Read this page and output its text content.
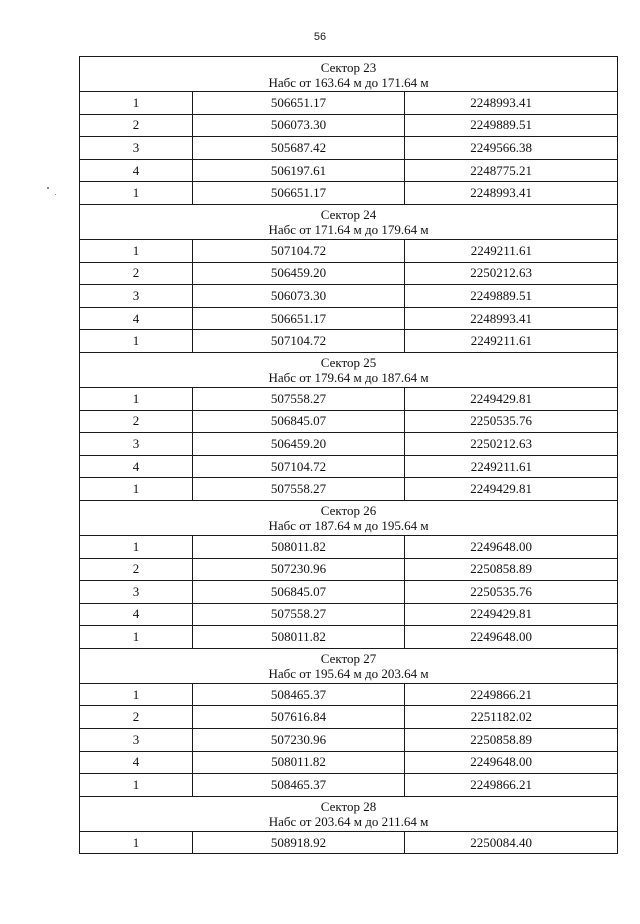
56
Сектор 23
Набс от 163.64 м до 171.64 м		

1	506651.17	2248993.41
2	506073.30	2249889.51
3	505687.42	2249566.38
4	506197.61	2248775.21
1	506651.17	2248993.41

Сектор 24
Набс от 171.64 м до 179.64 м		

1	507104.72	2249211.61
2	506459.20	2250212.63
3	506073.30	2249889.51
4	506651.17	2248993.41
1	507104.72	2249211.61

Сектор 25
Набс от 179.64 м до 187.64 м		

1	507558.27	2249429.81
2	506845.07	2250535.76
3	506459.20	2250212.63
4	507104.72	2249211.61
1	507558.27	2249429.81

Сектор 26
Набс от 187.64 м до 195.64 м		

1	508011.82	2249648.00
2	507230.96	2250858.89
3	506845.07	2250535.76
4	507558.27	2249429.81
1	508011.82	2249648.00

Сектор 27
Набс от 195.64 м до 203.64 м		

1	508465.37	2249866.21
2	507616.84	2251182.02
3	507230.96	2250858.89
4	508011.82	2249648.00
1	508465.37	2249866.21

Сектор 28
Набс от 203.64 м до 211.64 м		

1	508918.92	2250084.40
